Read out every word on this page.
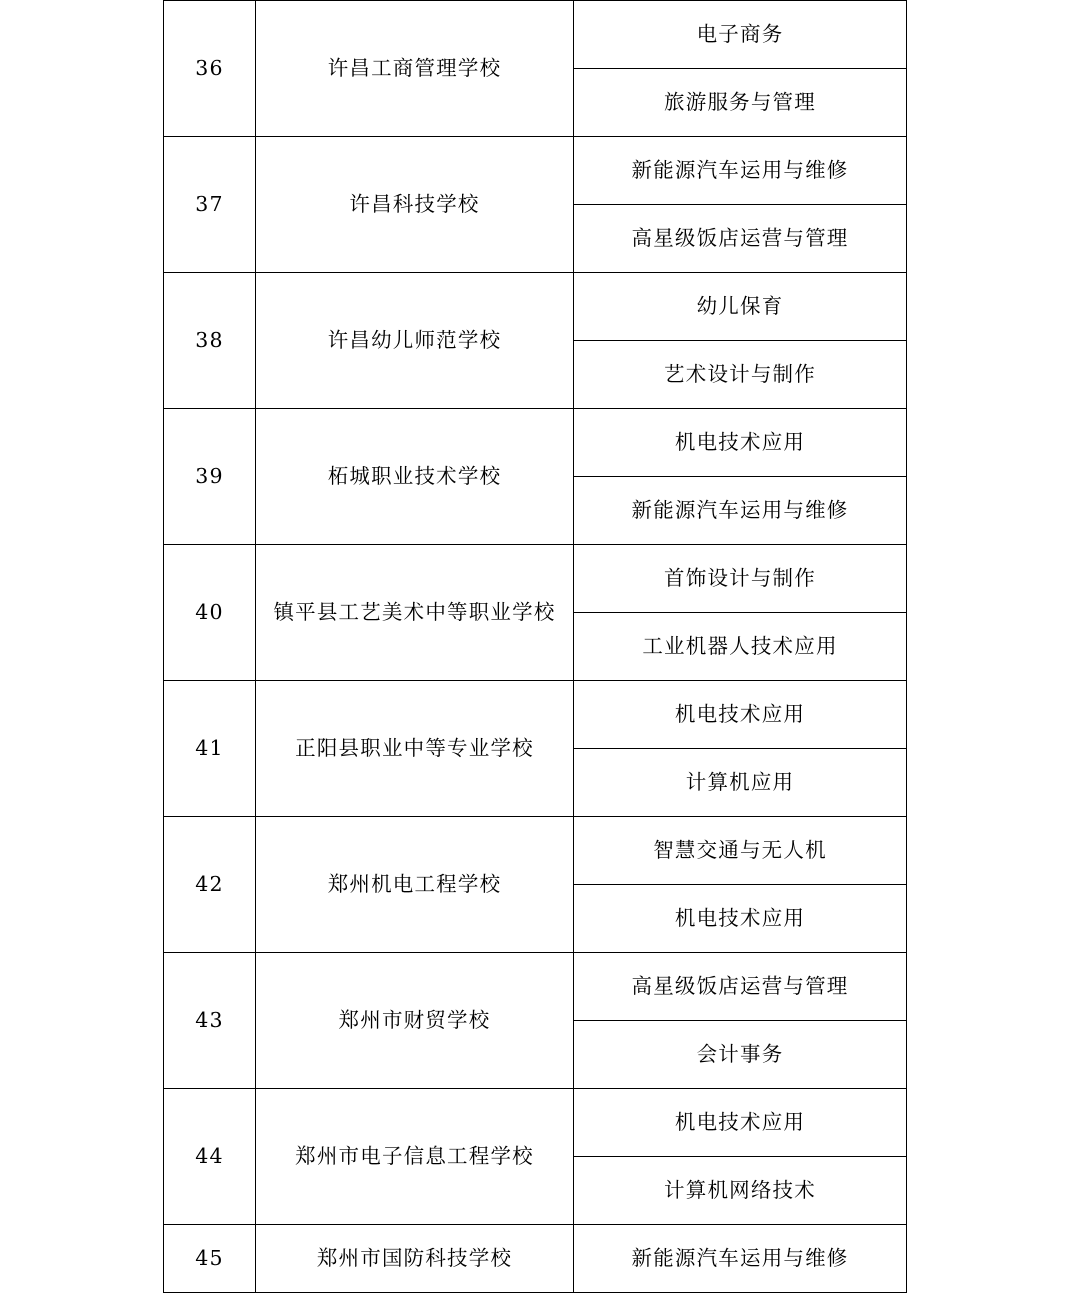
36	许昌工商管理学校	电子商务
		旅游服务与管理
37	许昌科技学校	新能源汽车运用与维修
		高星级饭店运营与管理
38	许昌幼儿师范学校	幼儿保育
		艺术设计与制作
39	柘城职业技术学校	机电技术应用
		新能源汽车运用与维修
40	镇平县工艺美术中等职业学校	首饰设计与制作
		工业机器人技术应用
41	正阳县职业中等专业学校	机电技术应用
		计算机应用
42	郑州机电工程学校	智慧交通与无人机
		机电技术应用
43	郑州市财贸学校	高星级饭店运营与管理
		会计事务
44	郑州市电子信息工程学校	机电技术应用
		计算机网络技术
45	郑州市国防科技学校	新能源汽车运用与维修
